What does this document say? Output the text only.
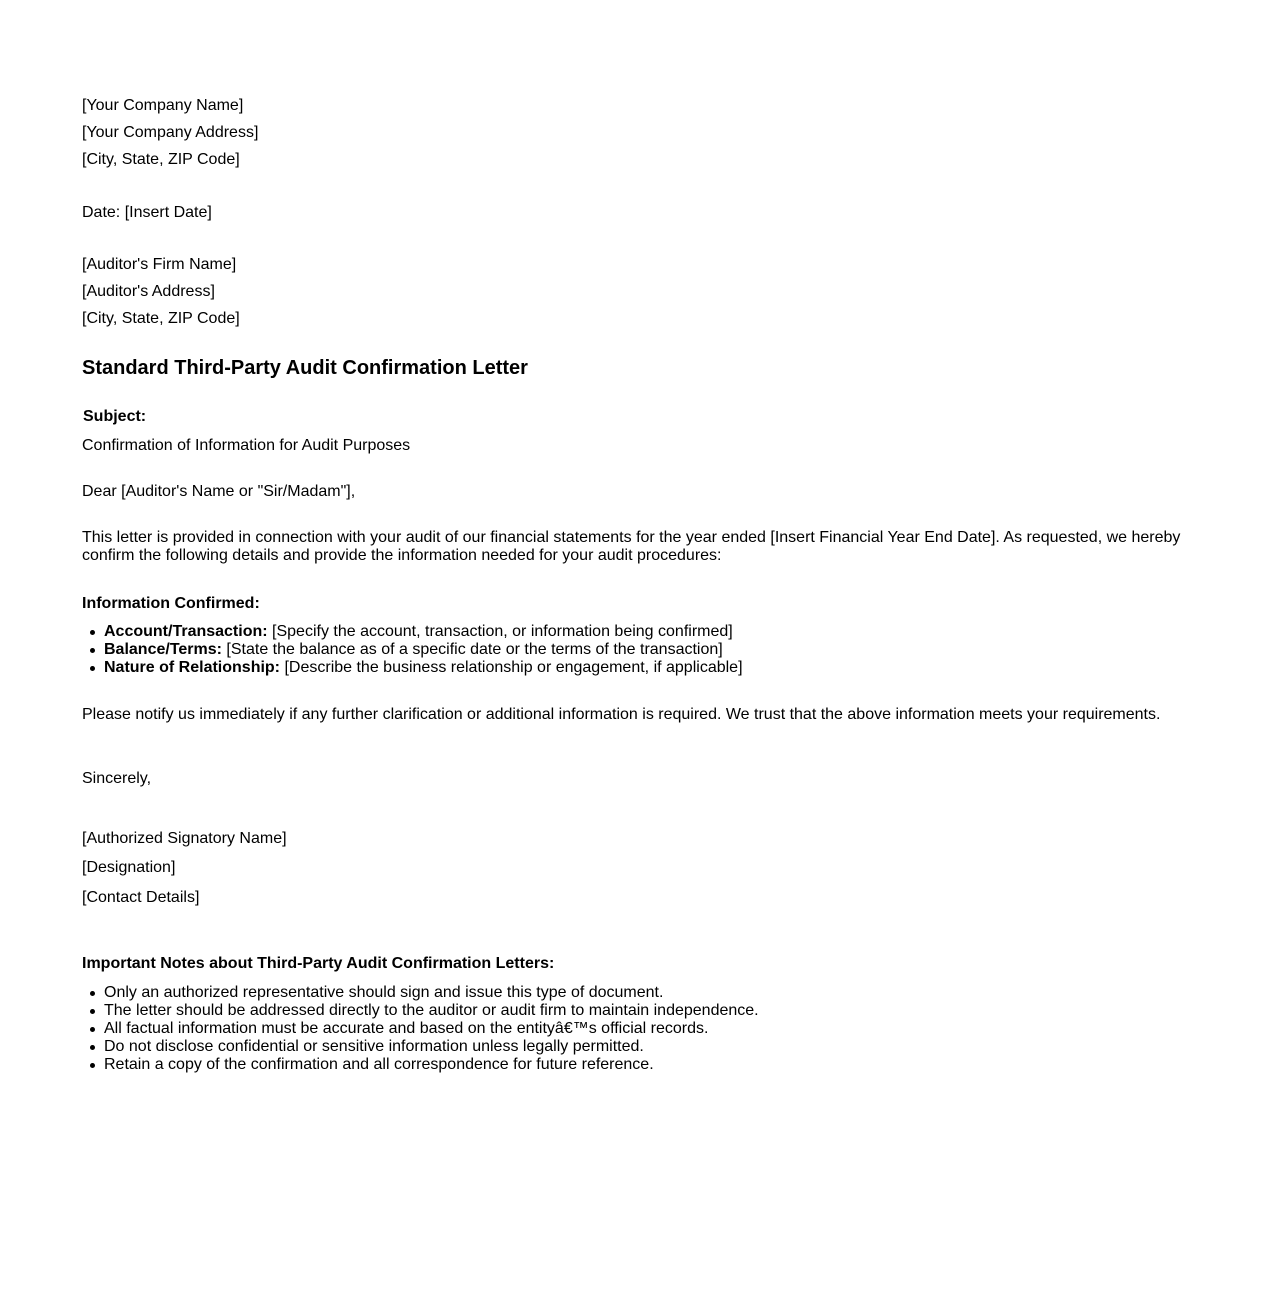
[Your Company Name]
[Your Company Address]
[City, State, ZIP Code]
Date: [Insert Date]
[Auditor's Firm Name]
[Auditor's Address]
[City, State, ZIP Code]
Standard Third-Party Audit Confirmation Letter
Subject:
Confirmation of Information for Audit Purposes
Dear [Auditor's Name or "Sir/Madam"],
This letter is provided in connection with your audit of our financial statements for the year ended [Insert Financial Year End Date]. As requested, we hereby confirm the following details and provide the information needed for your audit procedures:
Information Confirmed:
Account/Transaction: [Specify the account, transaction, or information being confirmed]
Balance/Terms: [State the balance as of a specific date or the terms of the transaction]
Nature of Relationship: [Describe the business relationship or engagement, if applicable]
Please notify us immediately if any further clarification or additional information is required. We trust that the above information meets your requirements.
Sincerely,
[Authorized Signatory Name]
[Designation]
[Contact Details]
Important Notes about Third-Party Audit Confirmation Letters:
Only an authorized representative should sign and issue this type of document.
The letter should be addressed directly to the auditor or audit firm to maintain independence.
All factual information must be accurate and based on the entityâ€™s official records.
Do not disclose confidential or sensitive information unless legally permitted.
Retain a copy of the confirmation and all correspondence for future reference.
